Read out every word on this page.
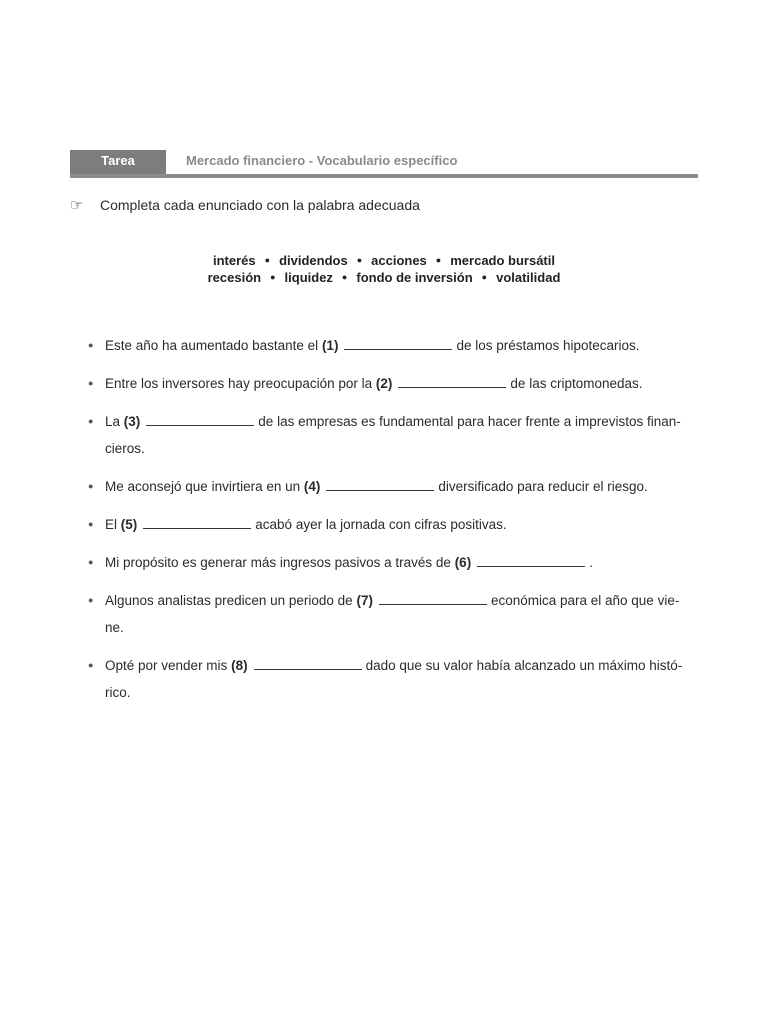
Tarea	Mercado financiero - Vocabulario específico
☞ Completa cada enunciado con la palabra adecuada
interés ● dividendos ● acciones ● mercado bursátil
recesión ● liquidez ● fondo de inversión ● volatilidad
● Este año ha aumentado bastante el (1)	de los préstamos hipotecarios.
● Entre los inversores hay preocupación por la (2)	de las criptomonedas.
● La (3)	de las empresas es fundamental para hacer frente a imprevistos finan- cieros.
● Me aconsejó que invirtiera en un (4)	diversificado para reducir el riesgo.
● El (5)	acabó ayer la jornada con cifras positivas.
● Mi propósito es generar más ingresos pasivos a través de (6)	.
● Algunos analistas predicen un periodo de (7)	económica para el año que vie- ne.
● Opté por vender mis (8)	dado que su valor había alcanzado un máximo histó- rico.
